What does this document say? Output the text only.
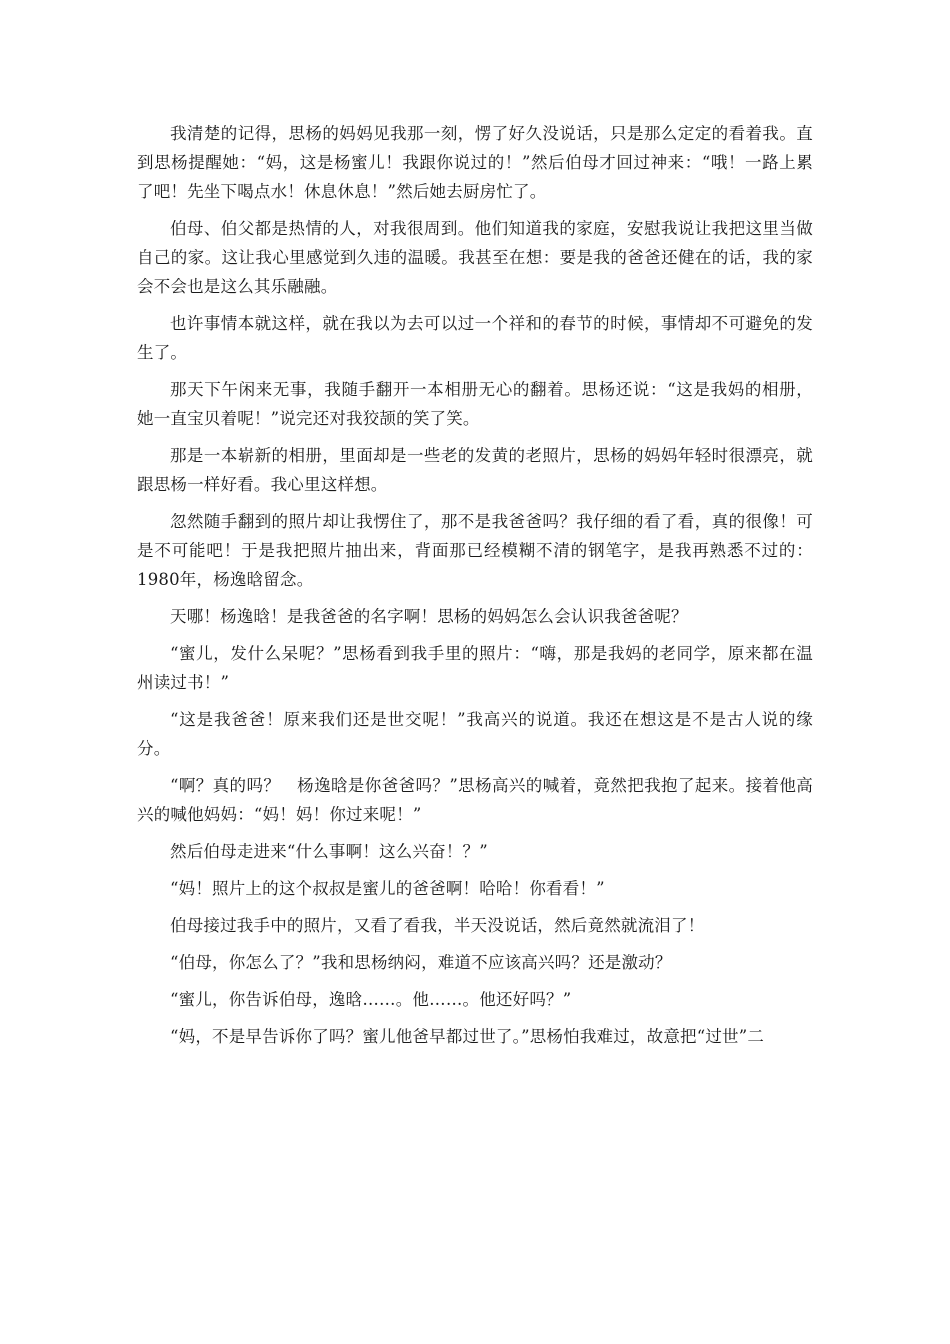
我清楚的记得，思杨的妈妈见我那一刻，愣了好久没说话，只是那么定定的看着我。直到思杨提醒她：“妈，这是杨蜜儿！我跟你说过的！”然后伯母才回过神来：“哦！一路上累了吧！先坐下喝点水！休息休息！”然后她去厨房忙了。

伯母、伯父都是热情的人，对我很周到。他们知道我的家庭，安慰我说让我把这里当做自己的家。这让我心里感觉到久违的温暖。我甚至在想：要是我的爸爸还健在的话，我的家会不会也是这么其乐融融。

也许事情本就这样，就在我以为去可以过一个祥和的春节的时候，事情却不可避免的发生了。

那天下午闲来无事，我随手翻开一本相册无心的翻着。思杨还说：“这是我妈的相册，她一直宝贝着呢！”说完还对我狡颉的笑了笑。

那是一本崭新的相册，里面却是一些老的发黄的老照片，思杨的妈妈年轻时很漂亮，就跟思杨一样好看。我心里这样想。

忽然随手翻到的照片却让我愣住了，那不是我爸爸吗？我仔细的看了看，真的很像！可是不可能吧！于是我把照片抽出来，背面那已经模糊不清的钢笔字，是我再熟悉不过的：1980年，杨逸晗留念。

天哪！杨逸晗！是我爸爸的名字啊！思杨的妈妈怎么会认识我爸爸呢？

“蜜儿，发什么呆呢？”思杨看到我手里的照片：“嗨，那是我妈的老同学，原来都在温州读过书！”

“这是我爸爸！原来我们还是世交呢！”我高兴的说道。我还在想这是不是古人说的缘分。

“啊？真的吗？　杨逸晗是你爸爸吗？”思杨高兴的喊着，竟然把我抱了起来。接着他高兴的喊他妈妈：“妈！妈！你过来呢！”

然后伯母走进来“什么事啊！这么兴奋！？”

“妈！照片上的这个叔叔是蜜儿的爸爸啊！哈哈！你看看！”

伯母接过我手中的照片，又看了看我，半天没说话，然后竟然就流泪了！

“伯母，你怎么了？”我和思杨纳闷，难道不应该高兴吗？还是激动？

“蜜儿，你告诉伯母，逸晗……。他……。他还好吗？”

“妈，不是早告诉你了吗？蜜儿他爸早都过世了。”思杨怕我难过，故意把“过世”二
